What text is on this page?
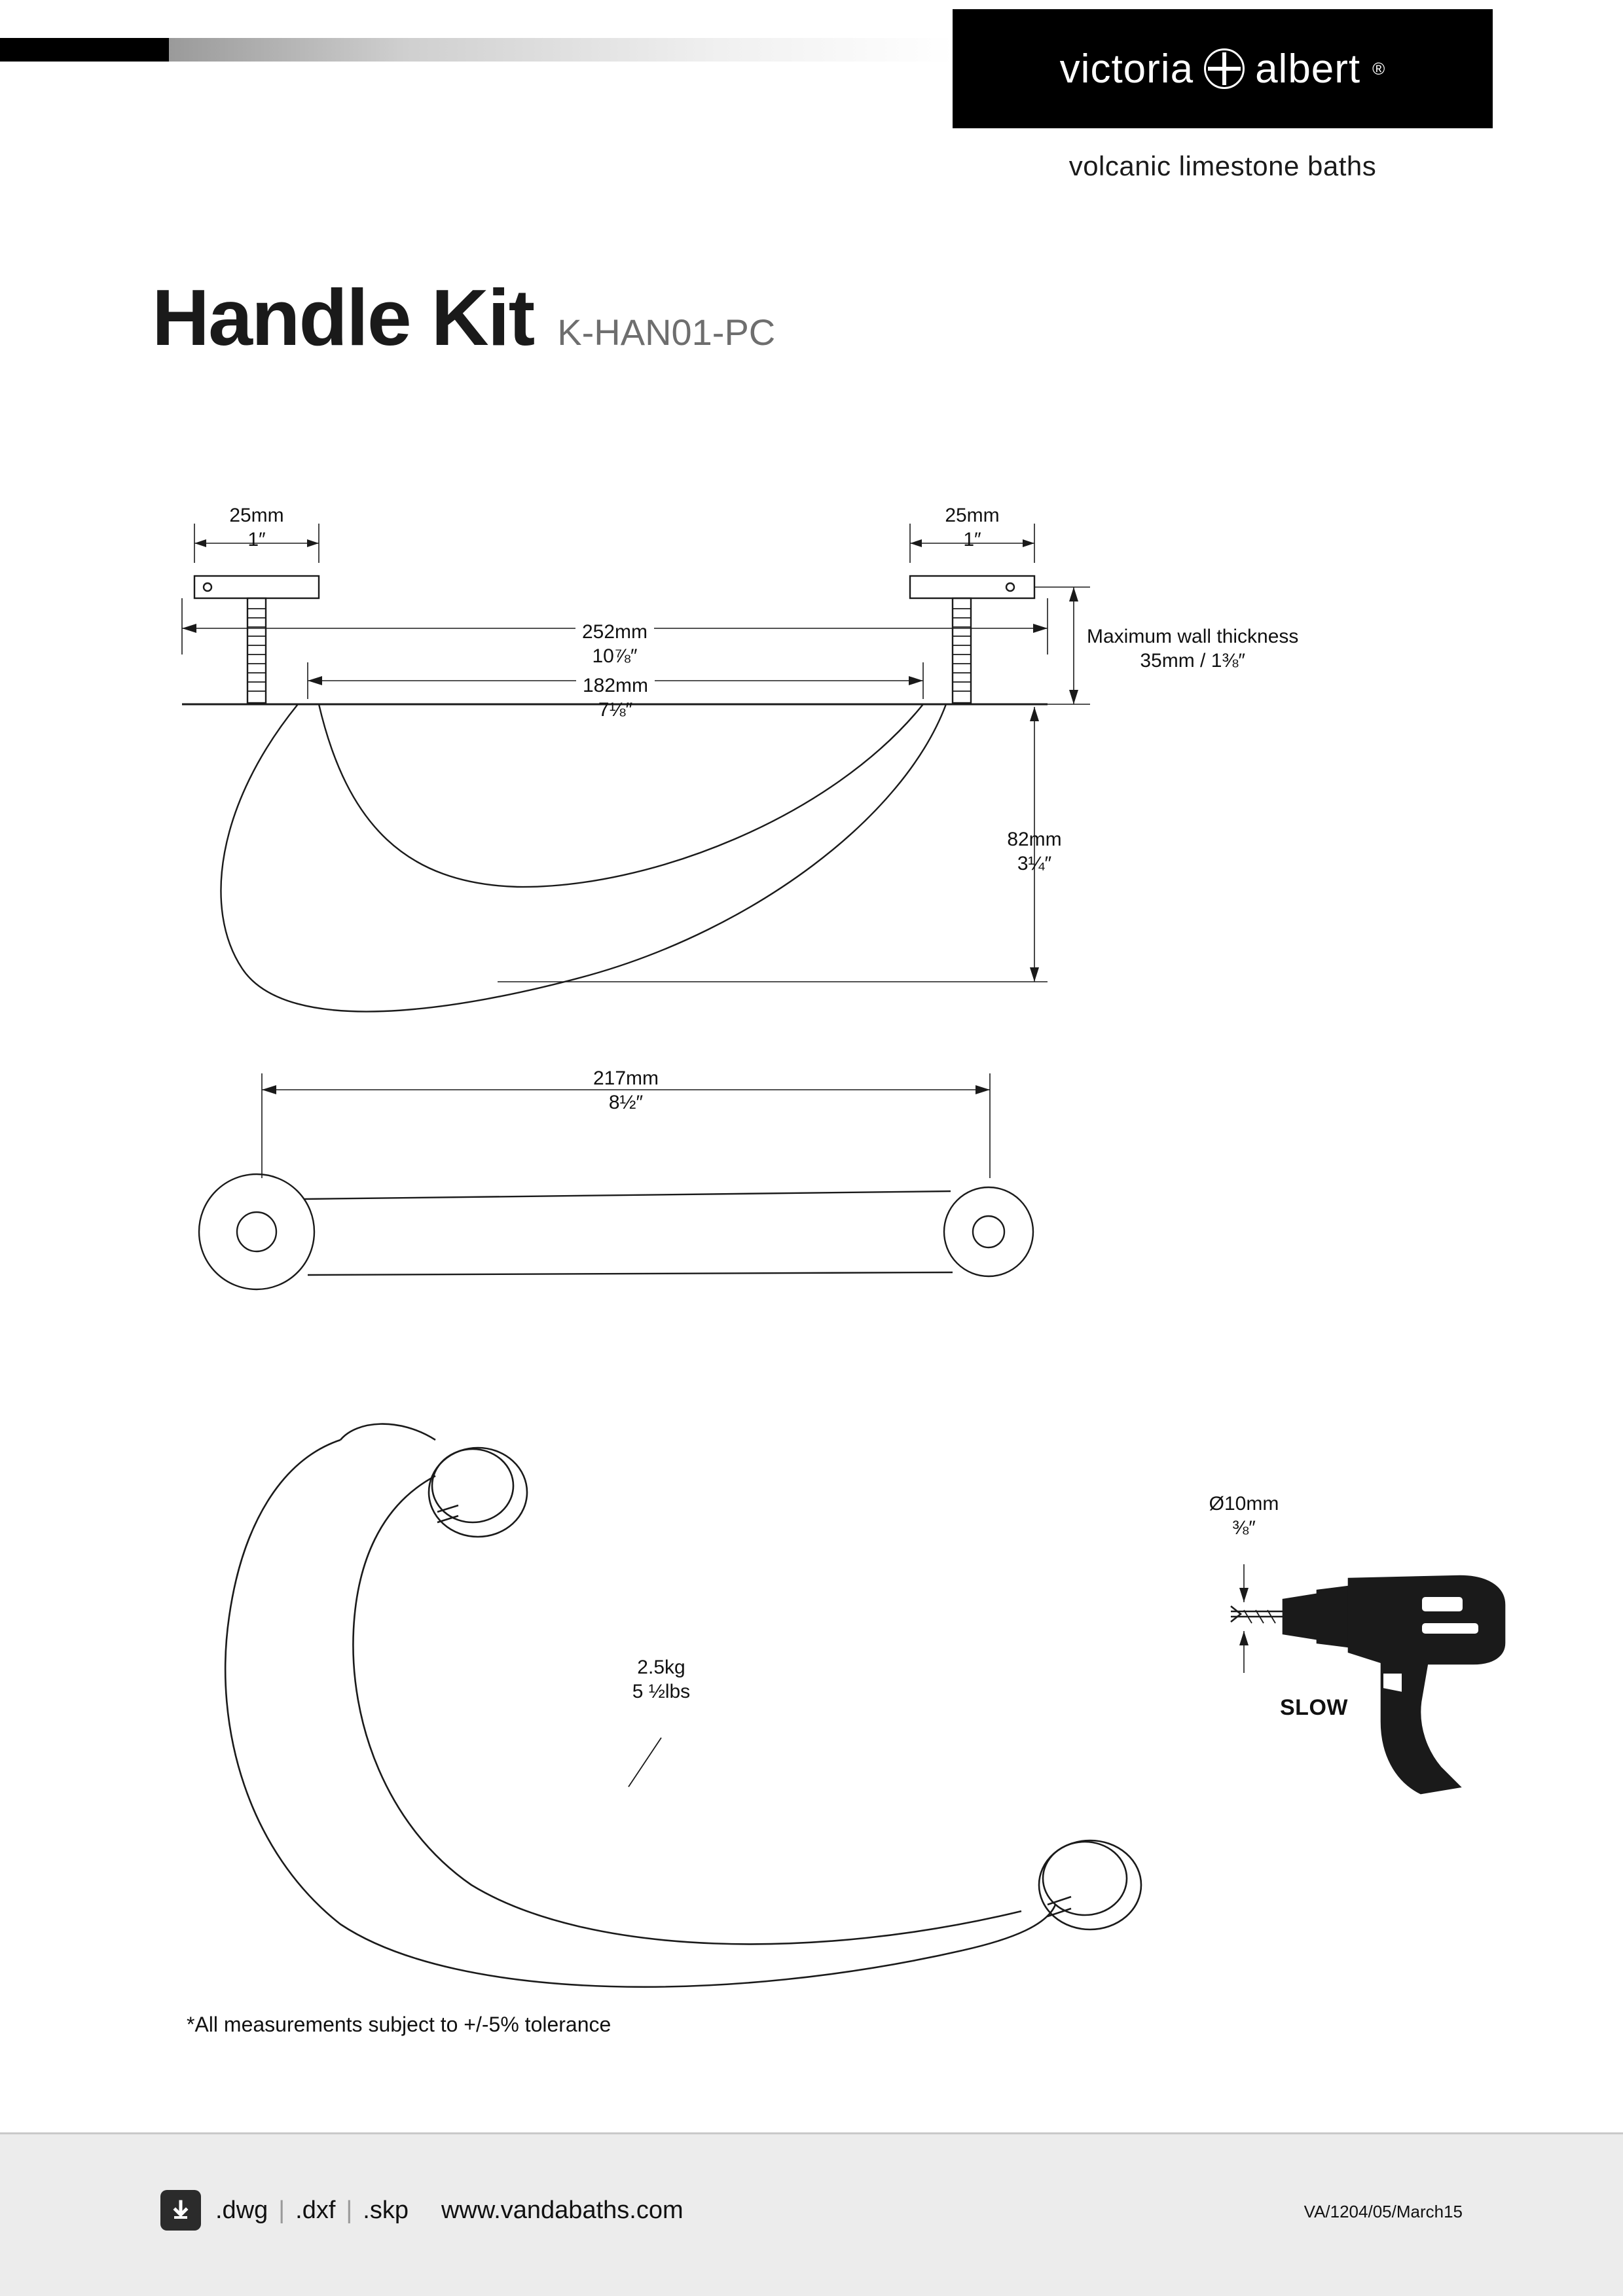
victoria albert ®
volcanic limestone baths
Handle Kit K-HAN01-PC
25mm
1″
25mm
1″
252mm
10⅞″
182mm
7⅛″
Maximum wall thickness
35mm / 1⅜″
82mm
3¼″
217mm
8½″
2.5kg
5 ½lbs
Ø10mm
⅜″
SLOW
*All measurements subject to +/-5% tolerance
.dwg | .dxf | .skp www.vandabaths.com	VA/1204/05/March15
